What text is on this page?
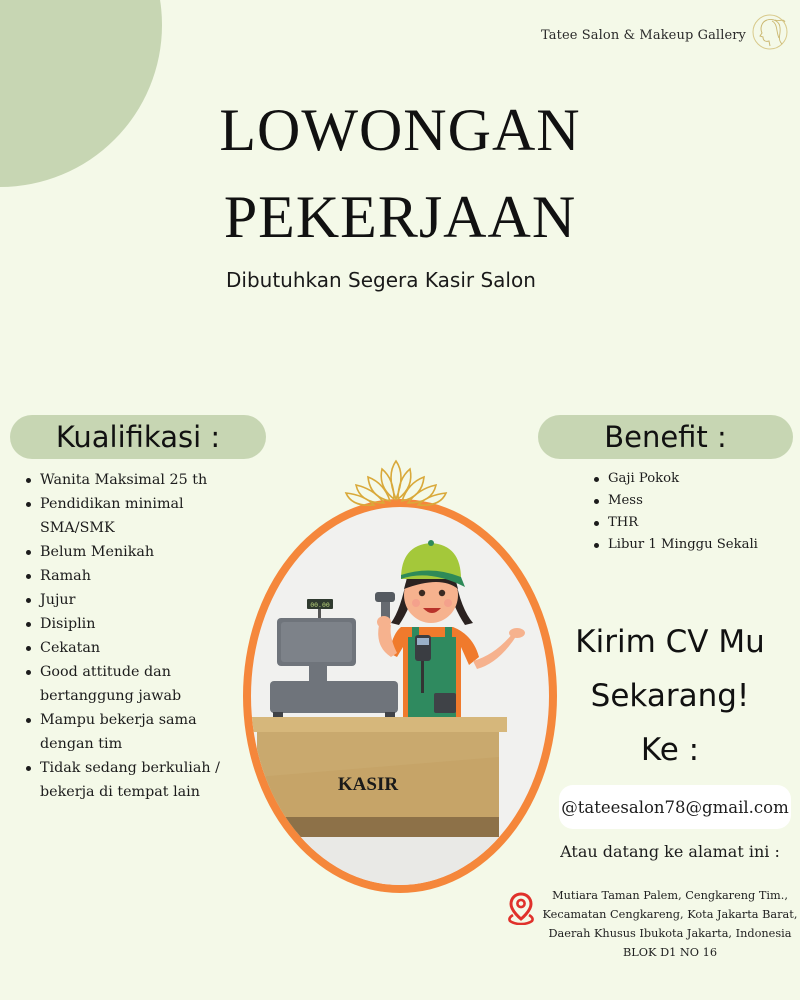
Tatee Salon & Makeup Gallery
LOWONGAN
PEKERJAAN
Dibutuhkan Segera Kasir Salon
Kualifikasi :
Wanita Maksimal 25 th
Pendidikan minimal SMA/SMK
Belum Menikah
Ramah
Jujur
Disiplin
Cekatan
Good attitude dan bertanggung jawab
Mampu bekerja sama dengan tim
Tidak sedang berkuliah / bekerja di tempat lain
Benefit :
Gaji Pokok
Mess
THR
Libur 1 Minggu Sekali
00.00
KASIR
Kirim CV Mu
Sekarang!
Ke :
@tateesalon78@gmail.com
Atau datang ke alamat ini :
Mutiara Taman Palem, Cengkareng Tim.,
Kecamatan Cengkareng, Kota Jakarta Barat,
Daerah Khusus Ibukota Jakarta, Indonesia
BLOK D1 NO 16
